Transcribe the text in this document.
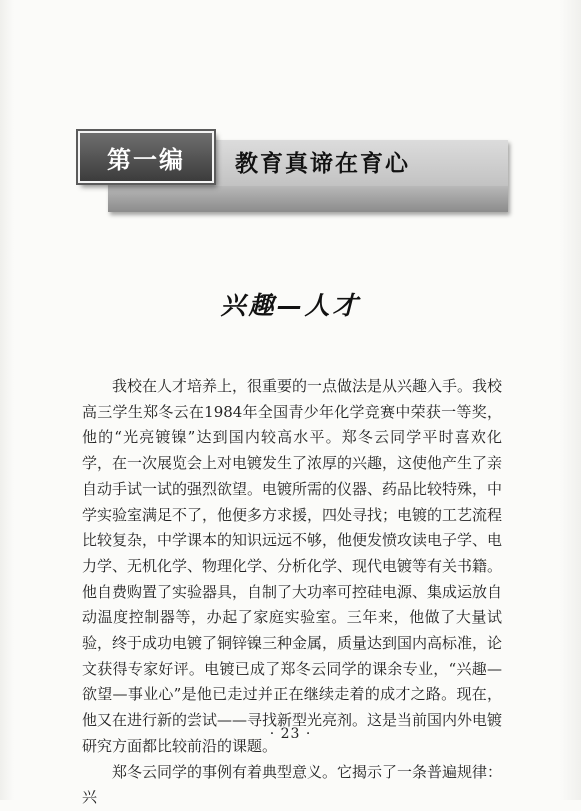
第一编 教育真谛在育心
兴趣—人才

我校在人才培养上，很重要的一点做法是从兴趣入手。我校高三学生郑冬云在1984年全国青少年化学竞赛中荣获一等奖，他的“光亮镀镍”达到国内较高水平。郑冬云同学平时喜欢化学，在一次展览会上对电镀发生了浓厚的兴趣，这使他产生了亲自动手试一试的强烈欲望。电镀所需的仪器、药品比较特殊，中学实验室满足不了，他便多方求援，四处寻找；电镀的工艺流程比较复杂，中学课本的知识远远不够，他便发愤攻读电子学、电力学、无机化学、物理化学、分析化学、现代电镀等有关书籍。他自费购置了实验器具，自制了大功率可控硅电源、集成运放自动温度控制器等，办起了家庭实验室。三年来，他做了大量试验，终于成功电镀了铜锌镍三种金属，质量达到国内高标准，论文获得专家好评。电镀已成了郑冬云同学的课余专业，“兴趣—欲望—事业心”是他已走过并正在继续走着的成才之路。现在，他又在进行新的尝试——寻找新型光亮剂。这是当前国内外电镀研究方面都比较前沿的课题。

郑冬云同学的事例有着典型意义。它揭示了一条普遍规律：兴

· 23 ·
